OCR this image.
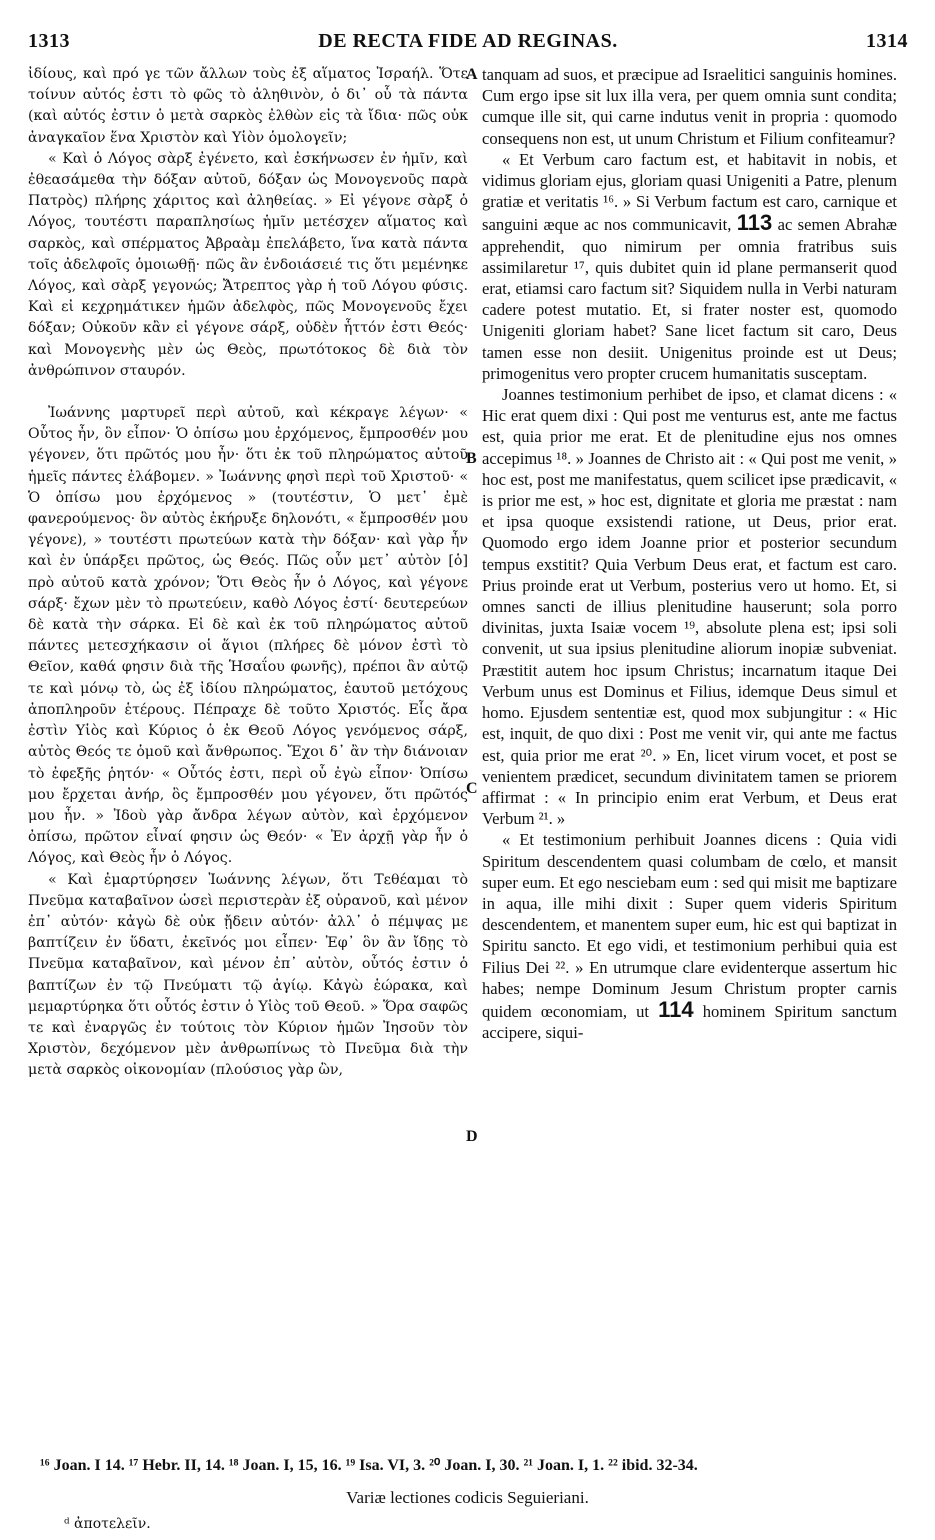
1313	DE RECTA FIDE AD REGINAS.	1314

ἰδίους, καὶ πρό γε τῶν ἄλλων τοὺς ἐξ αἵματος Ἰσραήλ. Ὅτε τοίνυν αὐτός ἐστι τὸ φῶς τὸ ἀληθινὸν, ὁ δι᾽ οὗ τὰ πάντα (καὶ αὐτός ἐστιν ὁ μετὰ σαρκὸς ἐλθὼν εἰς τὰ ἴδια· πῶς οὐκ ἀναγκαῖον ἕνα Χριστὸν καὶ Υἱὸν ὁμολογεῖν;

« Καὶ ὁ Λόγος σὰρξ ἐγένετο, καὶ ἐσκήνωσεν ἐν ἡμῖν, καὶ ἐθεασάμεθα τὴν δόξαν αὐτοῦ, δόξαν ὡς Μονογενοῦς παρὰ Πατρὸς) πλήρης χάριτος καὶ ἀληθείας. » Εἰ γέγονε σὰρξ ὁ Λόγος, τουτέστι παραπλησίως ἡμῖν μετέσχεν αἵματος καὶ σαρκὸς, καὶ σπέρματος Ἀβραὰμ ἐπελάβετο, ἵνα κατὰ πάντα τοῖς ἀδελφοῖς ὁμοιωθῇ· πῶς ἂν ἐνδοιάσειέ τις ὅτι μεμένηκε Λόγος, καὶ σὰρξ γεγονώς; Ἄτρεπτος γὰρ ἡ τοῦ Λόγου φύσις. Καὶ εἰ κεχρημάτικεν ἡμῶν ἀδελφὸς, πῶς Μονογενοῦς ἔχει δόξαν; Οὐκοῦν κἂν εἰ γέγονε σάρξ, οὐδὲν ἧττόν ἐστι Θεός· καὶ Μονογενὴς μὲν ὡς Θεὸς, πρωτότοκος δὲ διὰ τὸν ἀνθρώπινον σταυρόν.

Ἰωάννης μαρτυρεῖ περὶ αὐτοῦ, καὶ κέκραγε λέγων· « Οὗτος ἦν, ὃν εἶπον· Ὁ ὀπίσω μου ἐρχόμενος, ἔμπροσθέν μου γέγονεν, ὅτι πρῶτός μου ἦν· ὅτι ἐκ τοῦ πληρώματος αὐτοῦ ἡμεῖς πάντες ἐλάβομεν. » Ἰωάννης φησὶ περὶ τοῦ Χριστοῦ· « Ὁ ὀπίσω μου ἐρχόμενος » (τουτέστιν, Ὁ μετ᾽ ἐμὲ φανερούμενος· ὃν αὐτὸς ἐκήρυξε δηλονότι, « ἔμπροσθέν μου γέγονε), » τουτέστι πρωτεύων κατὰ τὴν δόξαν· καὶ γὰρ ἦν καὶ ἐν ὑπάρξει πρῶτος, ὡς Θεός. Πῶς οὖν μετ᾽ αὐτὸν [ὁ] πρὸ αὐτοῦ κατὰ χρόνον; Ὅτι Θεὸς ἦν ὁ Λόγος, καὶ γέγονε σάρξ· ἔχων μὲν τὸ πρωτεύειν, καθὸ Λόγος ἐστί· δευτερεύων δὲ κατὰ τὴν σάρκα. Εἰ δὲ καὶ ἐκ τοῦ πληρώματος αὐτοῦ πάντες μετεσχήκασιν οἱ ἅγιοι (πλήρες δὲ μόνον ἐστὶ τὸ Θεῖον, καθά φησιν διὰ τῆς Ἡσαΐου φωνῆς), πρέποι ἂν αὐτῷ τε καὶ μόνῳ τὸ, ὡς ἐξ ἰδίου πληρώματος, ἑαυτοῦ μετόχους ἀποπληροῦν ἑτέρους. Πέπραχε δὲ τοῦτο Χριστός. Εἷς ἄρα ἐστὶν Υἱὸς καὶ Κύριος ὁ ἐκ Θεοῦ Λόγος γενόμενος σάρξ, αὐτὸς Θεός τε ὁμοῦ καὶ ἄνθρωπος. Ἔχοι δ᾽ ἂν τὴν διάνοιαν τὸ ἐφεξῆς ῥητόν· « Οὗτός ἐστι, περὶ οὗ ἐγὼ εἶπον· Ὀπίσω μου ἔρχεται ἀνήρ, ὃς ἔμπροσθέν μου γέγονεν, ὅτι πρῶτός μου ἦν. » Ἰδοὺ γὰρ ἄνδρα λέγων αὐτὸν, καὶ ἐρχόμενον ὀπίσω, πρῶτον εἶναί φησιν ὡς Θεόν· « Ἐν ἀρχῇ γὰρ ἦν ὁ Λόγος, καὶ Θεὸς ἦν ὁ Λόγος.

« Καὶ ἐμαρτύρησεν Ἰωάννης λέγων, ὅτι Τεθέαμαι τὸ Πνεῦμα καταβαῖνον ὡσεὶ περιστερὰν ἐξ οὐρανοῦ, καὶ μένον ἐπ᾽ αὐτόν· κἀγὼ δὲ οὐκ ᾔδειν αὐτόν· ἀλλ᾽ ὁ πέμψας με βαπτίζειν ἐν ὕδατι, ἐκεῖνός μοι εἶπεν· Ἐφ᾽ ὃν ἂν ἴδῃς τὸ Πνεῦμα καταβαῖνον, καὶ μένον ἐπ᾽ αὐτὸν, οὗτός ἐστιν ὁ βαπτίζων ἐν τῷ Πνεύματι τῷ ἁγίῳ. Κἀγὼ ἑώρακα, καὶ μεμαρτύρηκα ὅτι οὗτός ἐστιν ὁ Υἱὸς τοῦ Θεοῦ. » Ὅρα σαφῶς τε καὶ ἐναργῶς ἐν τούτοις τὸν Κύριον ἡμῶν Ἰησοῦν τὸν Χριστὸν, δεχόμενον μὲν ἀνθρωπίνως τὸ Πνεῦμα διὰ τὴν μετὰ σαρκὸς οἰκονομίαν (πλούσιος γὰρ ὢν,

A
B
C
D

tanquam ad suos, et præcipue ad Israelitici sanguinis homines. Cum ergo ipse sit lux illa vera, per quem omnia sunt condita; cumque ille sit, qui carne indutus venit in propria : quomodo consequens non est, ut unum Christum et Filium confiteamur?

« Et Verbum caro factum est, et habitavit in nobis, et vidimus gloriam ejus, gloriam quasi Unigeniti a Patre, plenum gratiæ et veritatis ¹⁶. » Si Verbum factum est caro, carnique et sanguini æque ac nos communicavit, 113 ac semen Abrahæ apprehendit, quo nimirum per omnia fratribus suis assimilaretur ¹⁷, quis dubitet quin id plane permanserit quod erat, etiamsi caro factum sit? Siquidem nulla in Verbi naturam cadere potest mutatio. Et, si frater noster est, quomodo Unigeniti gloriam habet? Sane licet factum sit caro, Deus tamen esse non desiit. Unigenitus proinde est ut Deus; primogenitus vero propter crucem humanitatis susceptam.

Joannes testimonium perhibet de ipso, et clamat dicens : « Hic erat quem dixi : Qui post me venturus est, ante me factus est, quia prior me erat. Et de plenitudine ejus nos omnes accepimus ¹⁸. » Joannes de Christo ait : « Qui post me venit, » hoc est, post me manifestatus, quem scilicet ipse prædicavit, « is prior me est, » hoc est, dignitate et gloria me præstat : nam et ipsa quoque exsistendi ratione, ut Deus, prior erat. Quomodo ergo idem Joanne prior et posterior secundum tempus exstitit? Quia Verbum Deus erat, et factum est caro. Prius proinde erat ut Verbum, posterius vero ut homo. Et, si omnes sancti de illius plenitudine hauserunt; sola porro divinitas, juxta Isaiæ vocem ¹⁹, absolute plena est; ipsi soli convenit, ut sua ipsius plenitudine aliorum inopiæ subveniat. Præstitit autem hoc ipsum Christus; incarnatum itaque Dei Verbum unus est Dominus et Filius, idemque Deus simul et homo. Ejusdem sententiæ est, quod mox subjungitur : « Hic est, inquit, de quo dixi : Post me venit vir, qui ante me factus est, quia prior me erat ²⁰. » En, licet virum vocet, et post se venientem prædicet, secundum divinitatem tamen se priorem affirmat : « In principio enim erat Verbum, et Deus erat Verbum ²¹. »

« Et testimonium perhibuit Joannes dicens : Quia vidi Spiritum descendentem quasi columbam de cœlo, et mansit super eum. Et ego nesciebam eum : sed qui misit me baptizare in aqua, ille mihi dixit : Super quem videris Spiritum descendentem, et manentem super eum, hic est qui baptizat in Spiritu sancto. Et ego vidi, et testimonium perhibui quia est Filius Dei ²². » En utrumque clare evidenterque assertum hic habes; nempe Dominum Jesum Christum propter carnis quidem œconomiam, ut 114 hominem Spiritum sanctum accipere, siqui-

¹⁶ Joan. I 14. ¹⁷ Hebr. II, 14. ¹⁸ Joan. I, 15, 16. ¹⁹ Isa. VI, 3. ²⁰ Joan. I, 30. ²¹ Joan. I, 1. ²² ibid. 32-34.
Variæ lectiones codicis Seguieriani.
ᵈ ἀποτελεῖν.
